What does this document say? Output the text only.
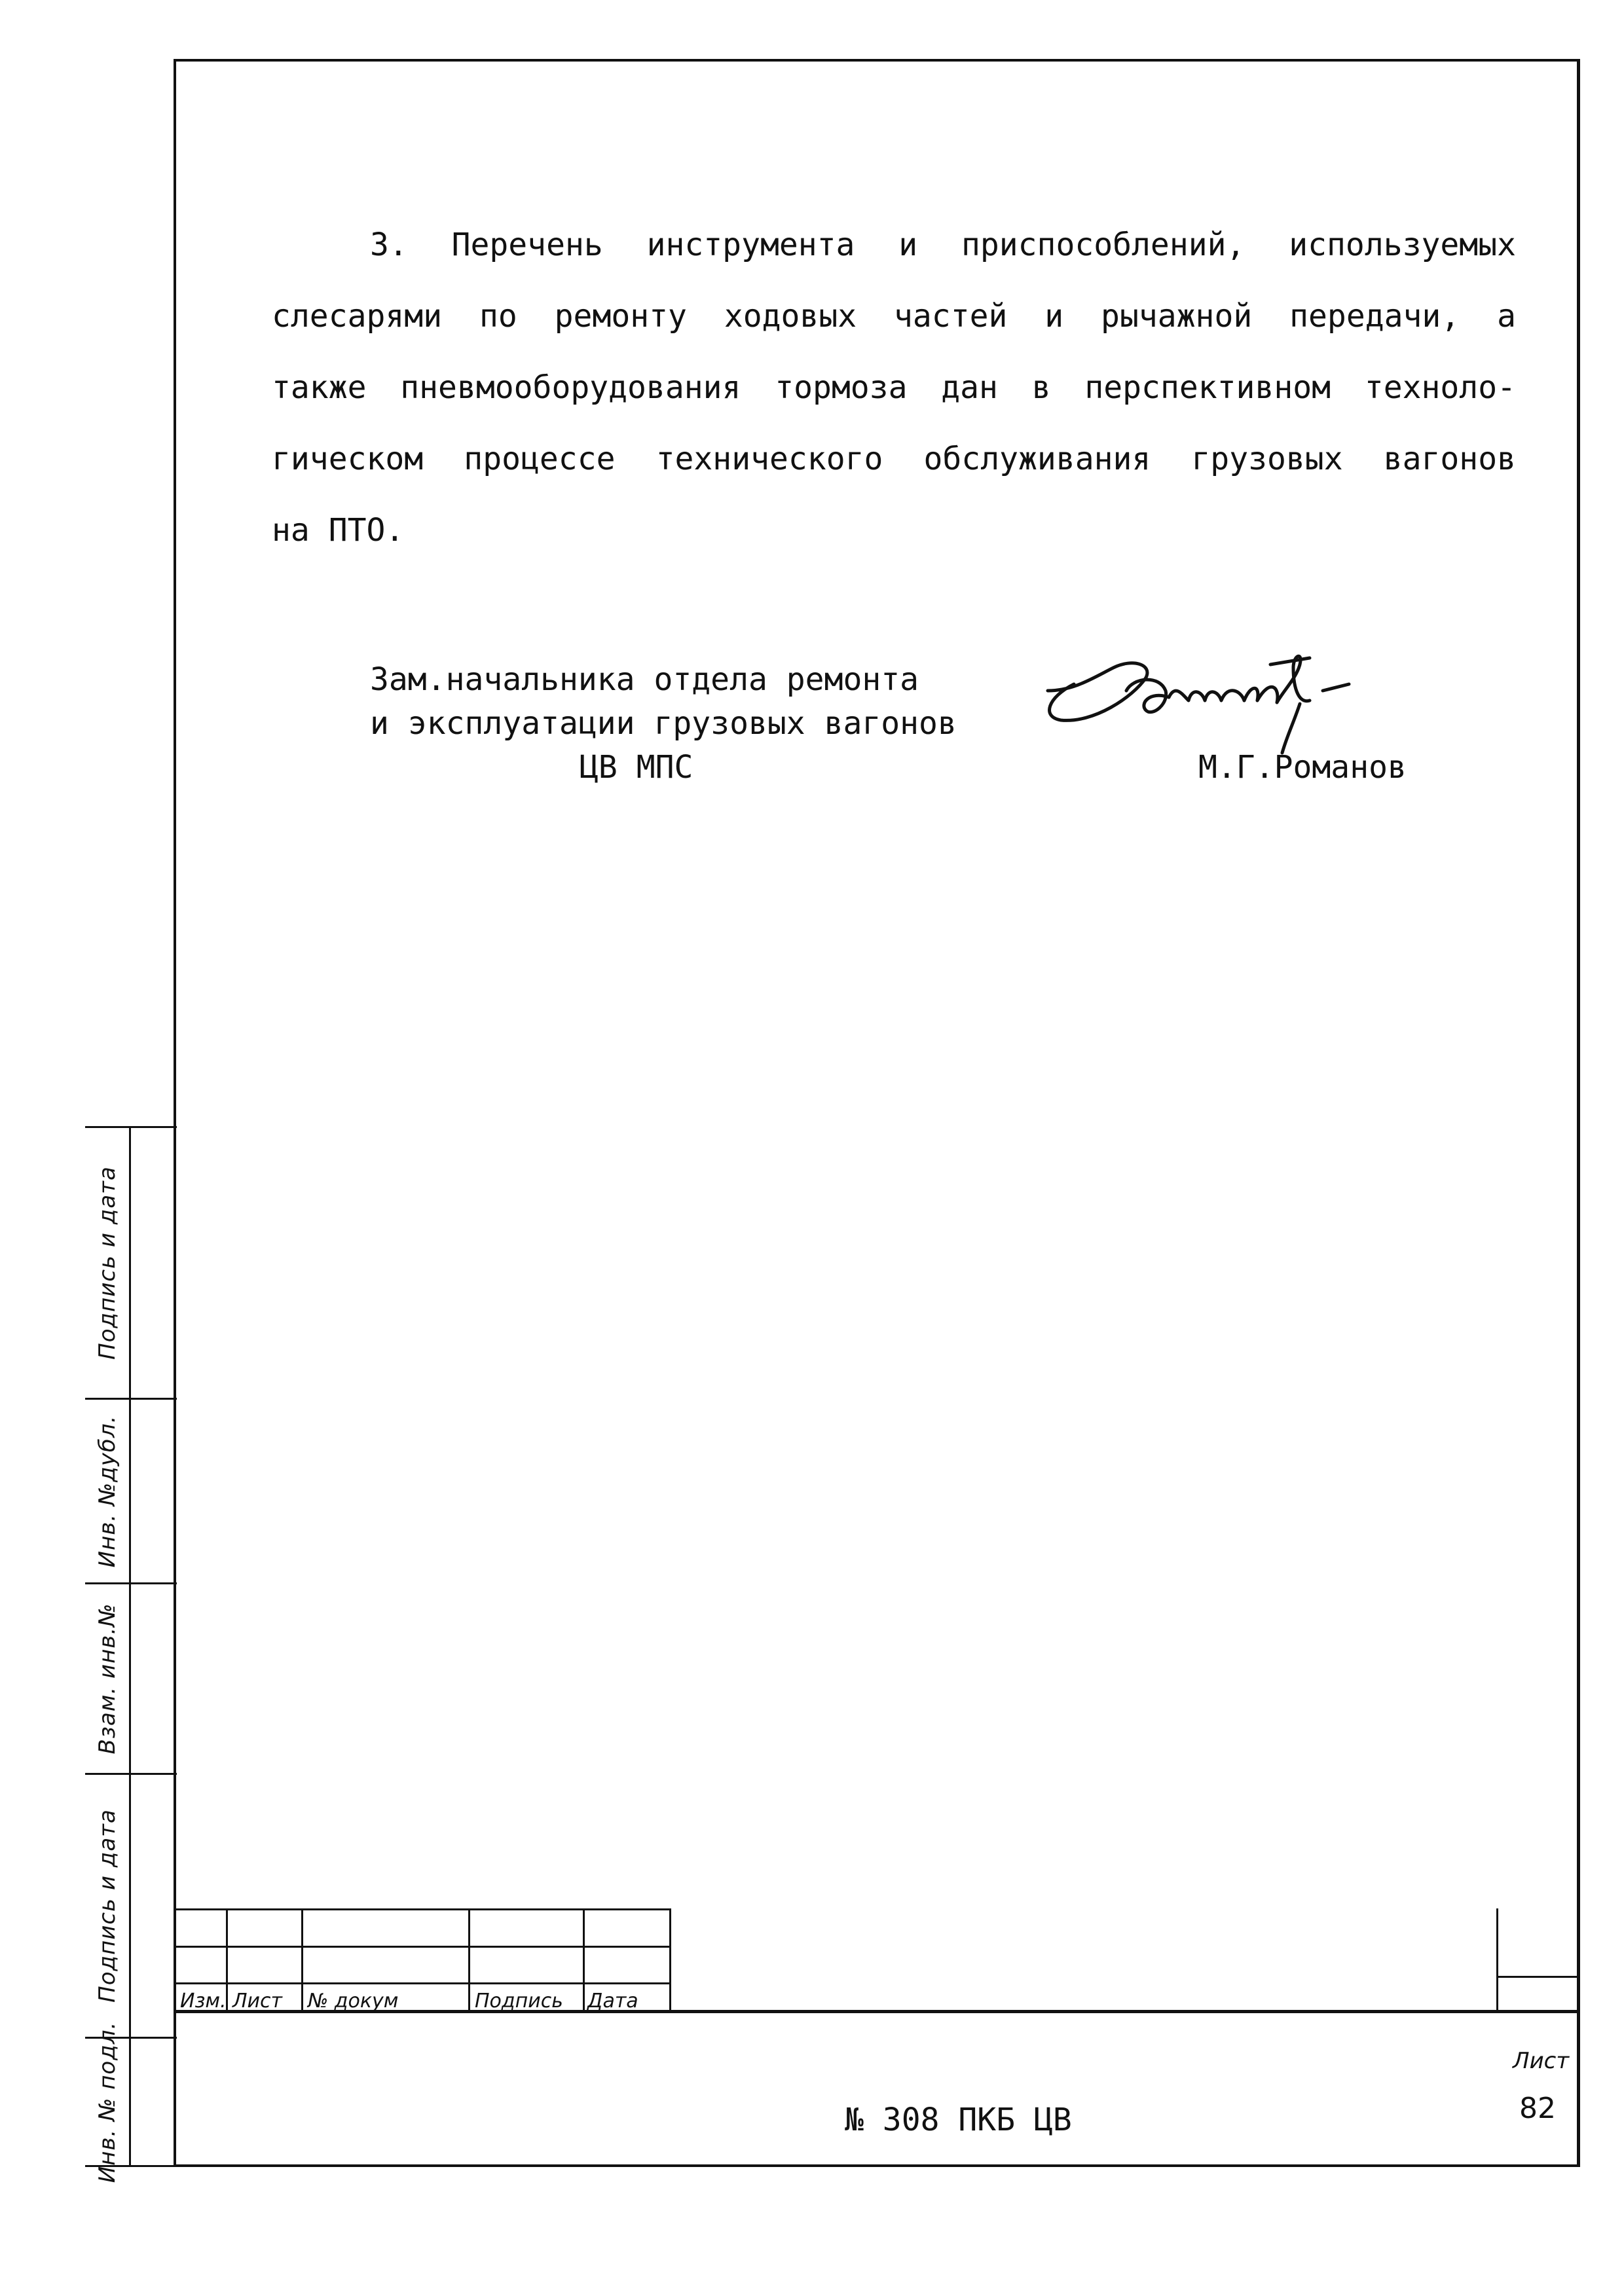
3. Перечень инструмента и приспособлений, используемых
слесарями по ремонту ходовых частей и рычажной передачи, а
также пневмооборудования тормоза дан в перспективном техноло-
гическом процессе технического обслуживания грузовых вагонов
на ПТО.
Зам.начальника отдела ремонта
и эксплуатации грузовых вагонов
ЦВ МПС	М.Г.Романов
Подпись и дата
Инв. №дубл.
Взам. инв.№
Подпись и дата
Инв. № подл.
Изм. Лист № докум	Подпись Дата
№ 308 ПКБ ЦВ
Лист
82
